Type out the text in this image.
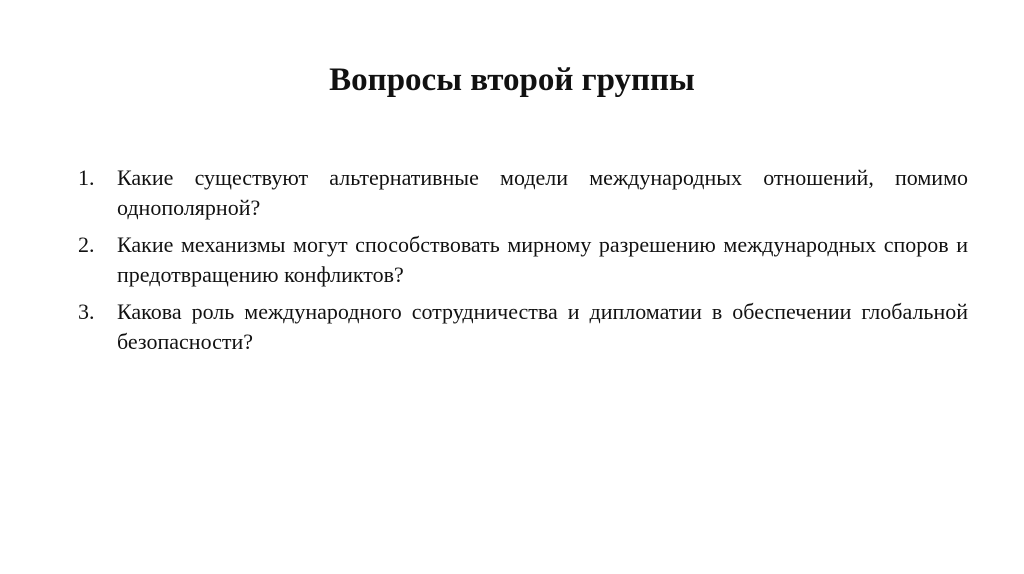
Вопросы второй группы
1.	Какие существуют альтернативные модели международных отношений, помимо однополярной?
2.	Какие механизмы могут способствовать мирному разрешению международных споров и предотвращению конфликтов?
3.	Какова роль международного сотрудничества и дипломатии в обеспечении глобальной безопасности?
